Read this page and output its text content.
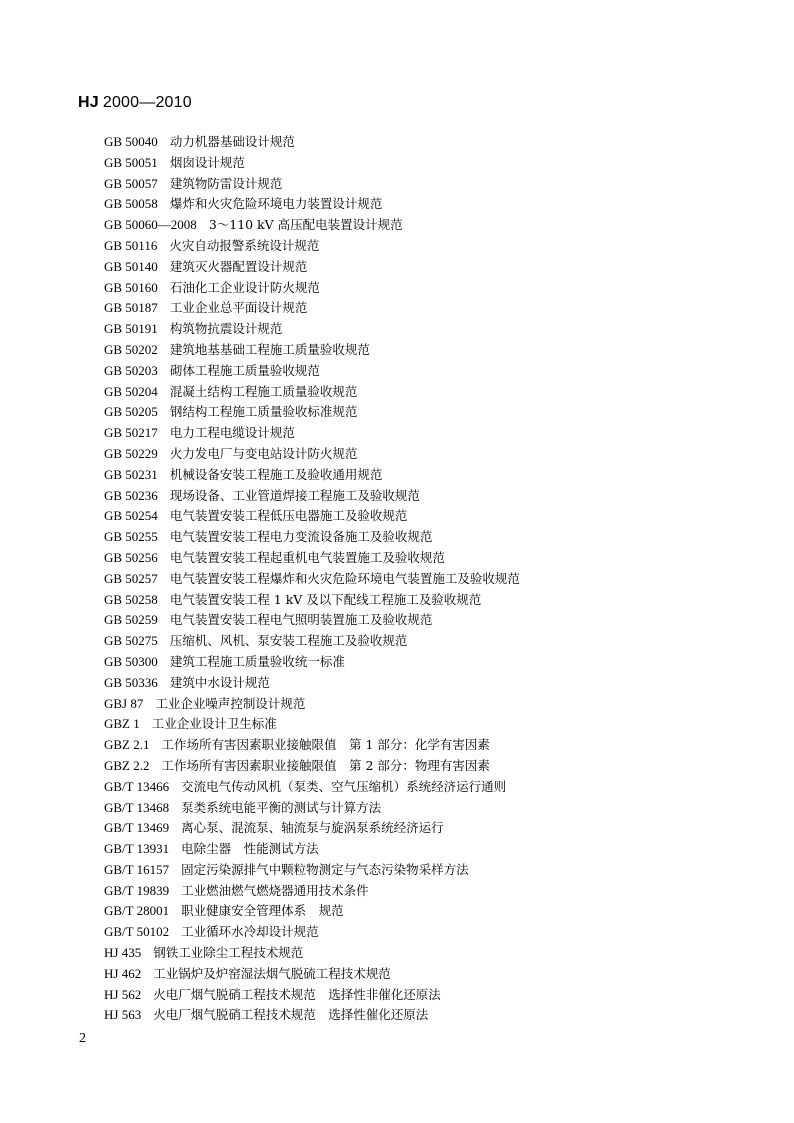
HJ 2000—2010
GB 50040 动力机器基础设计规范
GB 50051 烟囱设计规范
GB 50057 建筑物防雷设计规范
GB 50058 爆炸和火灾危险环境电力装置设计规范
GB 50060—2008 3～110 kV 高压配电装置设计规范
GB 50116 火灾自动报警系统设计规范
GB 50140 建筑灭火器配置设计规范
GB 50160 石油化工企业设计防火规范
GB 50187 工业企业总平面设计规范
GB 50191 构筑物抗震设计规范
GB 50202 建筑地基基础工程施工质量验收规范
GB 50203 砌体工程施工质量验收规范
GB 50204 混凝土结构工程施工质量验收规范
GB 50205 钢结构工程施工质量验收标准规范
GB 50217 电力工程电缆设计规范
GB 50229 火力发电厂与变电站设计防火规范
GB 50231 机械设备安装工程施工及验收通用规范
GB 50236 现场设备、工业管道焊接工程施工及验收规范
GB 50254 电气装置安装工程低压电器施工及验收规范
GB 50255 电气装置安装工程电力变流设备施工及验收规范
GB 50256 电气装置安装工程起重机电气装置施工及验收规范
GB 50257 电气装置安装工程爆炸和火灾危险环境电气装置施工及验收规范
GB 50258 电气装置安装工程 1 kV 及以下配线工程施工及验收规范
GB 50259 电气装置安装工程电气照明装置施工及验收规范
GB 50275 压缩机、风机、泵安装工程施工及验收规范
GB 50300 建筑工程施工质量验收统一标准
GB 50336 建筑中水设计规范
GBJ 87 工业企业噪声控制设计规范
GBZ 1 工业企业设计卫生标准
GBZ 2.1 工作场所有害因素职业接触限值　第 1 部分：化学有害因素
GBZ 2.2 工作场所有害因素职业接触限值　第 2 部分：物理有害因素
GB/T 13466 交流电气传动风机（泵类、空气压缩机）系统经济运行通则
GB/T 13468 泵类系统电能平衡的测试与计算方法
GB/T 13469 离心泵、混流泵、轴流泵与旋涡泵系统经济运行
GB/T 13931 电除尘器　性能测试方法
GB/T 16157 固定污染源排气中颗粒物测定与气态污染物采样方法
GB/T 19839 工业燃油燃气燃烧器通用技术条件
GB/T 28001 职业健康安全管理体系　规范
GB/T 50102 工业循环水冷却设计规范
HJ 435 钢铁工业除尘工程技术规范
HJ 462 工业锅炉及炉窑湿法烟气脱硫工程技术规范
HJ 562 火电厂烟气脱硝工程技术规范　选择性非催化还原法
HJ 563 火电厂烟气脱硝工程技术规范　选择性催化还原法
2
